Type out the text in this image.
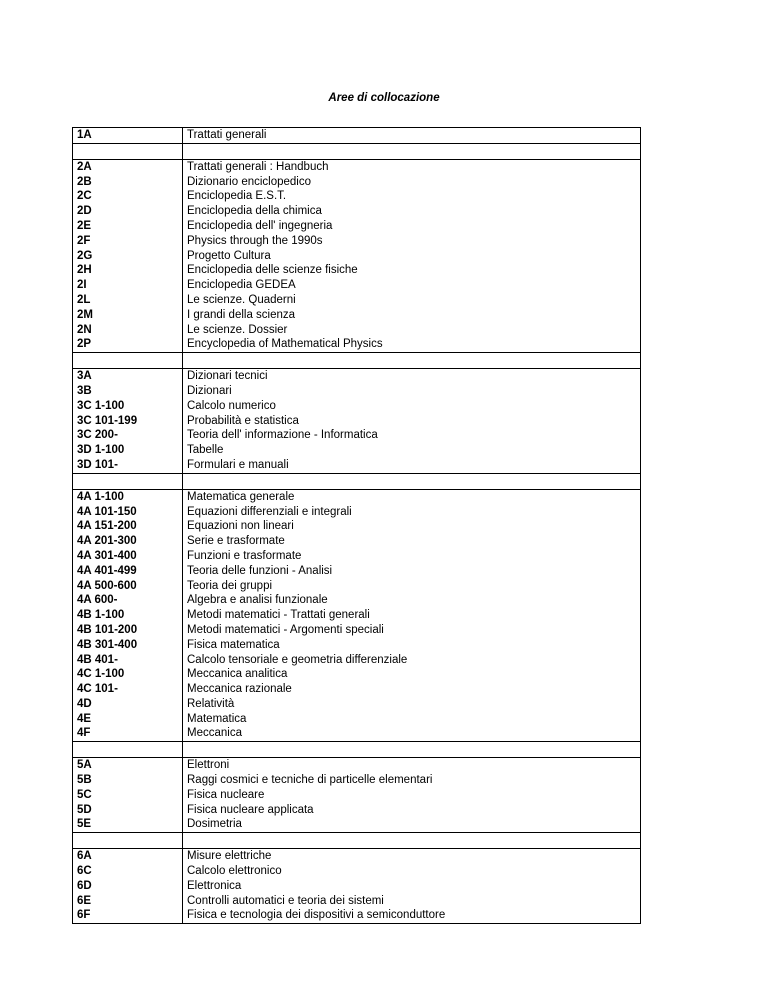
Aree di collocazione
1A	Trattati generali
2A	Trattati generali : Handbuch
2B	Dizionario enciclopedico
2C	Enciclopedia E.S.T.
2D	Enciclopedia della chimica
2E	Enciclopedia dell' ingegneria
2F	Physics through the 1990s
2G	Progetto Cultura
2H	Enciclopedia delle scienze fisiche
2I	Enciclopedia GEDEA
2L	Le scienze. Quaderni
2M	I grandi della scienza
2N	Le scienze. Dossier
2P	Encyclopedia of Mathematical Physics
3A	Dizionari tecnici
3B	Dizionari
3C 1-100	Calcolo numerico
3C 101-199	Probabilità e statistica
3C 200-	Teoria dell' informazione - Informatica
3D 1-100	Tabelle
3D 101-	Formulari e manuali
4A 1-100	Matematica generale
4A 101-150	Equazioni differenziali e integrali
4A 151-200	Equazioni non lineari
4A 201-300	Serie e trasformate
4A 301-400	Funzioni e trasformate
4A 401-499	Teoria delle funzioni - Analisi
4A 500-600	Teoria dei gruppi
4A 600-	Algebra e analisi funzionale
4B 1-100	Metodi matematici - Trattati generali
4B 101-200	Metodi matematici - Argomenti speciali
4B 301-400	Fisica matematica
4B 401-	Calcolo tensoriale e geometria differenziale
4C 1-100	Meccanica analitica
4C 101-	Meccanica razionale
4D	Relatività
4E	Matematica
4F	Meccanica
5A	Elettroni
5B	Raggi cosmici e tecniche di particelle elementari
5C	Fisica nucleare
5D	Fisica nucleare applicata
5E	Dosimetria
6A	Misure elettriche
6C	Calcolo elettronico
6D	Elettronica
6E	Controlli automatici e teoria dei sistemi
6F	Fisica e tecnologia dei dispositivi a semiconduttore
